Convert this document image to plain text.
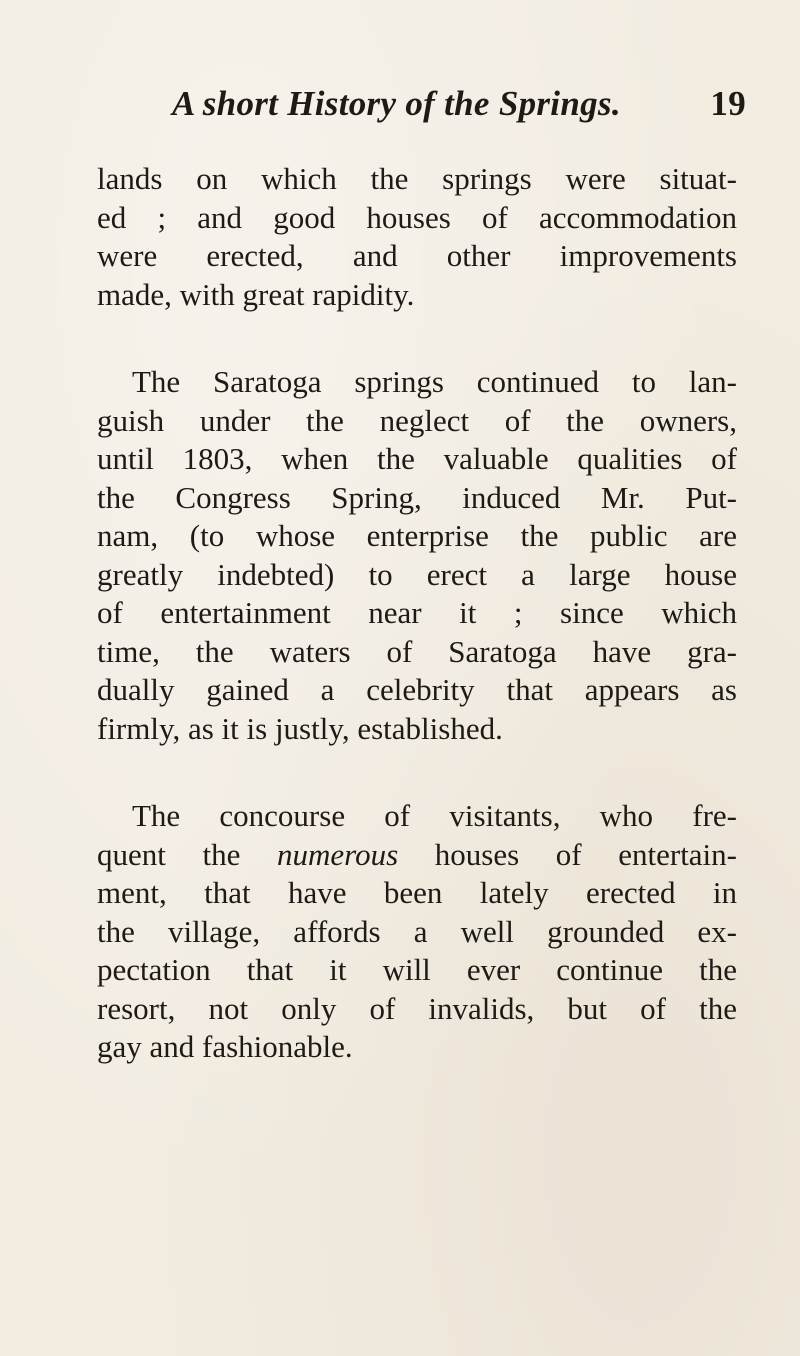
A short History of the Springs.	19

lands on which the springs were situat-
ed ; and good houses of accommodation
were erected, and other improvements
made, with great rapidity.

The Saratoga springs continued to lan-
guish under the neglect of the owners,
until 1803, when the valuable qualities of
the Congress Spring, induced Mr. Put-
nam, (to whose enterprise the public are
greatly indebted) to erect a large house
of entertainment near it ; since which
time, the waters of Saratoga have gra-
dually gained a celebrity that appears as
firmly, as it is justly, established.

The concourse of visitants, who fre-
quent the numerous houses of entertain-
ment, that have been lately erected in
the village, affords a well grounded ex-
pectation that it will ever continue the
resort, not only of invalids, but of the
gay and fashionable.
